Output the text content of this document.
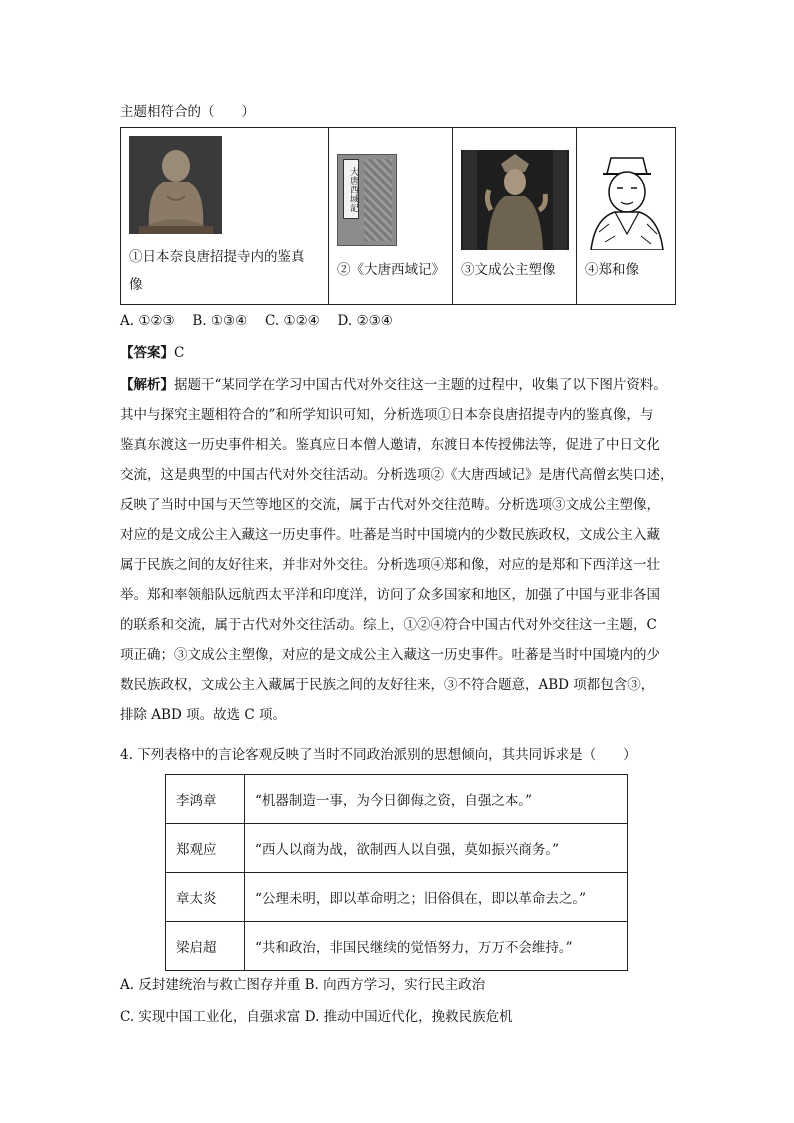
主题相符合的（　　）
①日本奈良唐招提寺内的鉴真
像
大唐西域記
②《大唐西域记》 ③文成公主塑像 ④郑和像
A. ①②③　 B. ①③④　 C. ①②④　 D. ②③④
【答案】C
【解析】据题干“某同学在学习中国古代对外交往这一主题的过程中，收集了以下图片资料。
其中与探究主题相符合的”和所学知识可知，分析选项①日本奈良唐招提寺内的鉴真像，与
鉴真东渡这一历史事件相关。鉴真应日本僧人邀请，东渡日本传授佛法等，促进了中日文化
交流，这是典型的中国古代对外交往活动。分析选项②《大唐西域记》是唐代高僧玄奘口述，
反映了当时中国与天竺等地区的交流，属于古代对外交往范畴。分析选项③文成公主塑像，
对应的是文成公主入藏这一历史事件。吐蕃是当时中国境内的少数民族政权，文成公主入藏
属于民族之间的友好往来，并非对外交往。分析选项④郑和像，对应的是郑和下西洋这一壮
举。郑和率领船队远航西太平洋和印度洋，访问了众多国家和地区，加强了中国与亚非各国
的联系和交流，属于古代对外交往活动。综上，①②④符合中国古代对外交往这一主题，C
项正确；③文成公主塑像，对应的是文成公主入藏这一历史事件。吐蕃是当时中国境内的少
数民族政权，文成公主入藏属于民族之间的友好往来，③不符合题意，ABD 项都包含③，
排除 ABD 项。故选 C 项。
4. 下列表格中的言论客观反映了当时不同政治派别的思想倾向，其共同诉求是（　　）
李鸿章	“机器制造一事，为今日御侮之资，自强之本。”
郑观应	“西人以商为战，欲制西人以自强，莫如振兴商务。”
章太炎	“公理未明，即以革命明之；旧俗俱在，即以革命去之。”
梁启超	“共和政治，非国民继续的觉悟努力，万万不会维持。”
A. 反封建统治与救亡图存并重 B. 向西方学习，实行民主政治
C. 实现中国工业化，自强求富 D. 推动中国近代化，挽救民族危机
